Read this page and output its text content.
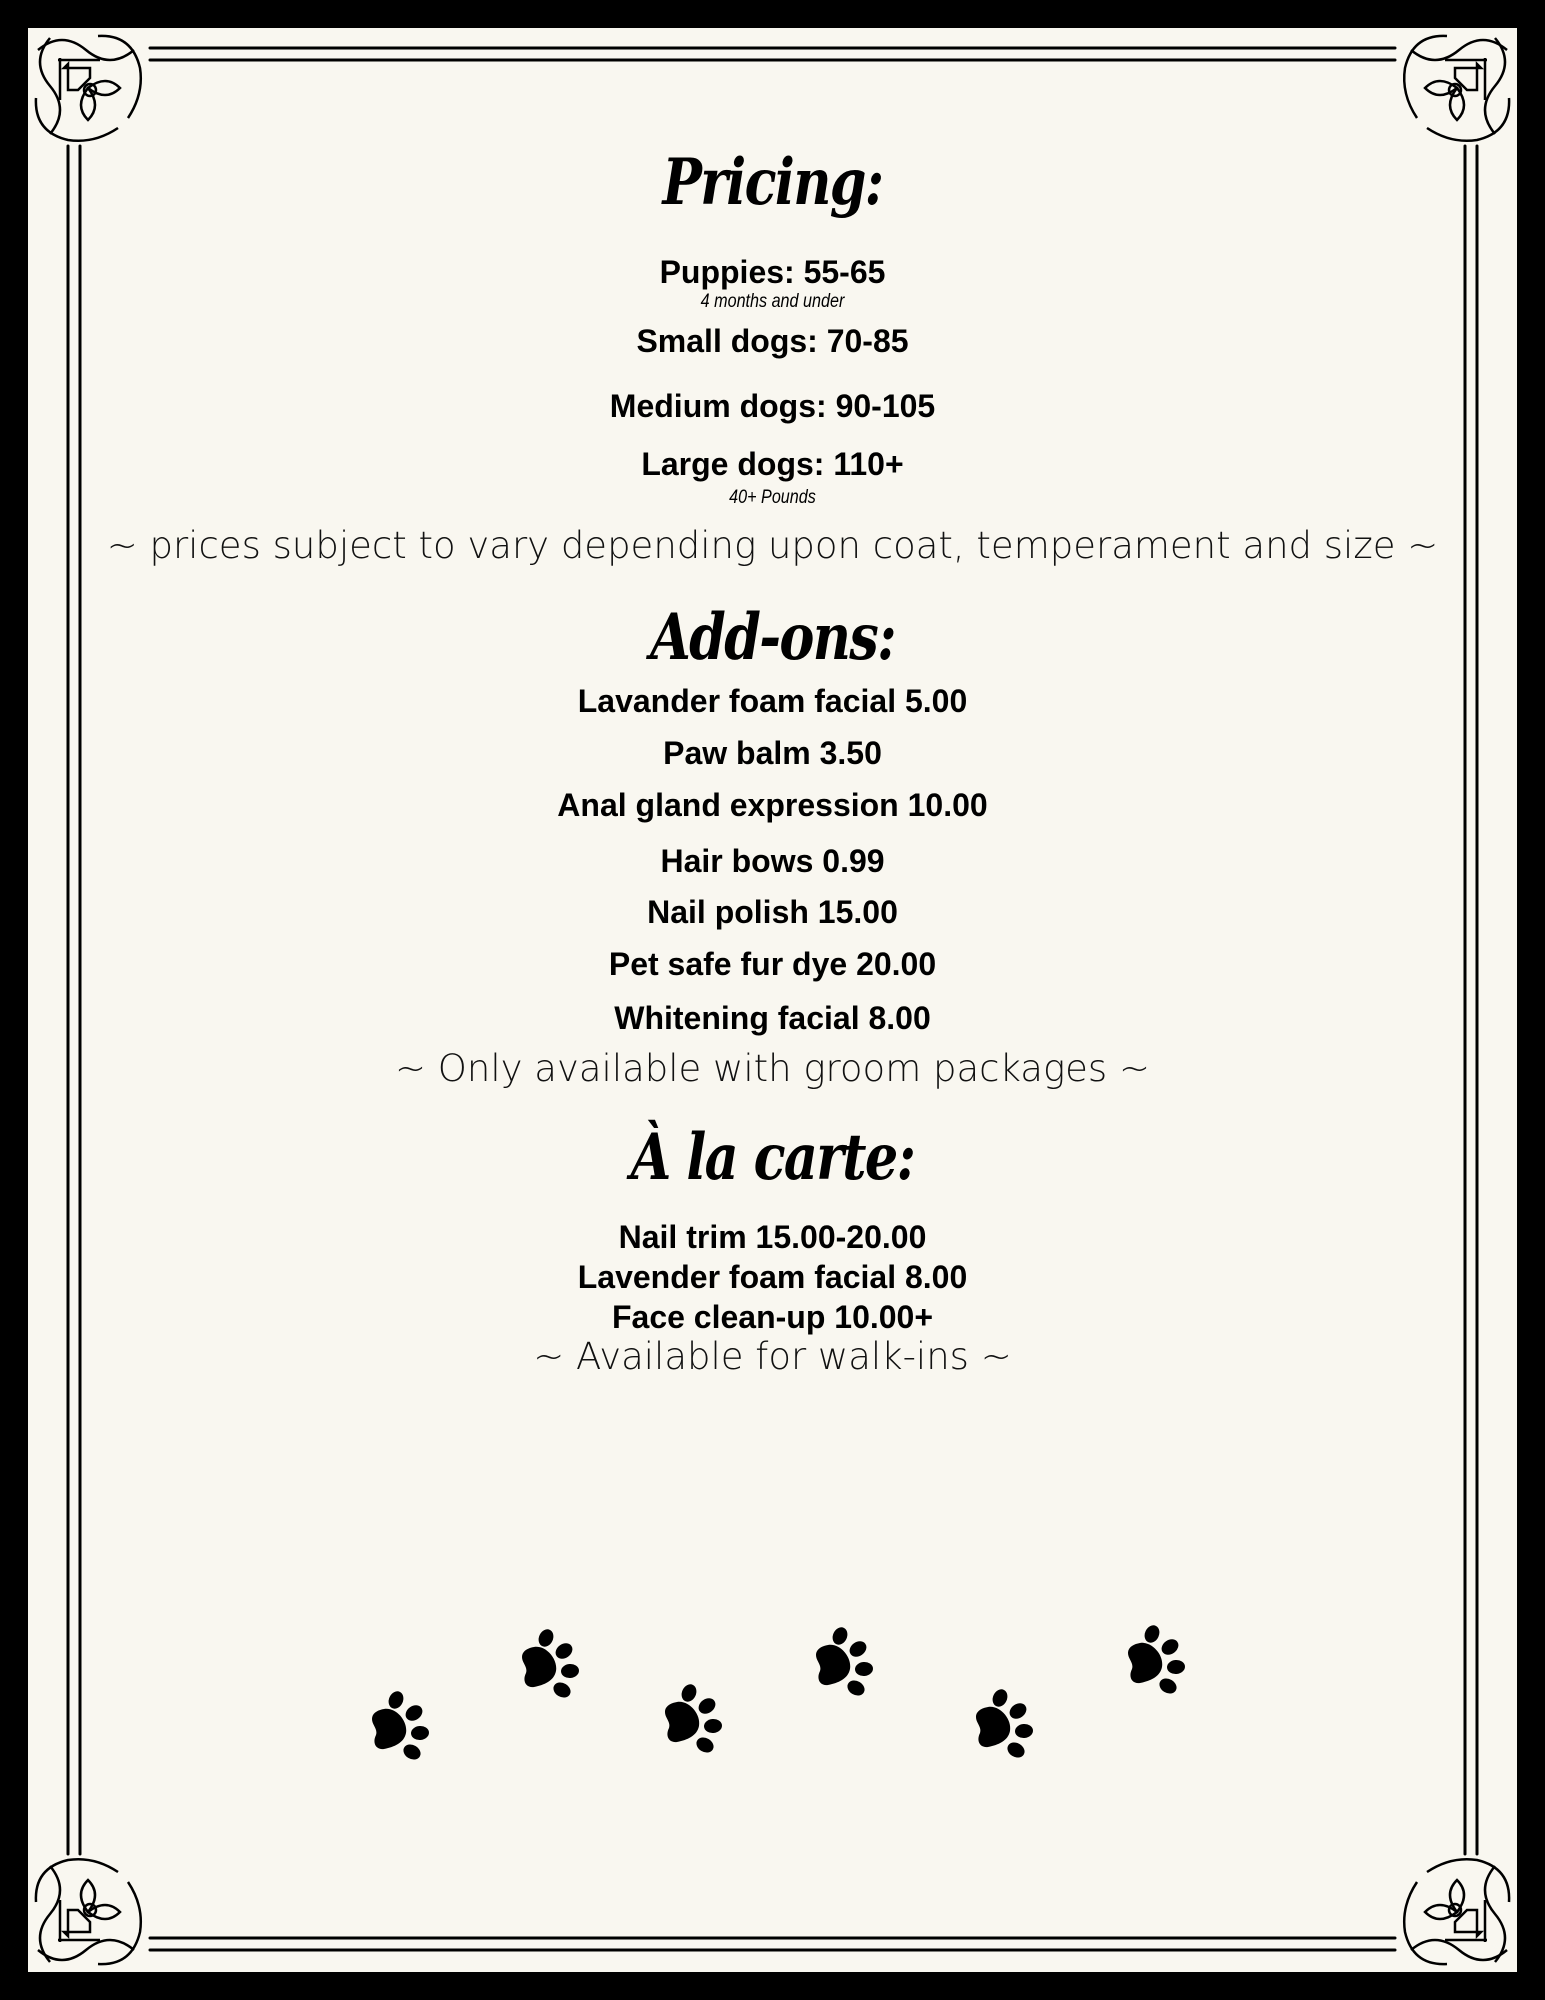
Pricing:
Puppies: 55-65
4 months and under
Small dogs: 70-85
Medium dogs: 90-105
Large dogs: 110+
40+ Pounds
~ prices subject to vary depending upon coat, temperament and size ~
Add-ons:
Lavander foam facial 5.00
Paw balm 3.50
Anal gland expression 10.00
Hair bows 0.99
Nail polish 15.00
Pet safe fur dye 20.00
Whitening facial 8.00
~ Only available with groom packages ~
À la carte:
Nail trim 15.00-20.00
Lavender foam facial 8.00
Face clean-up 10.00+
~ Available for walk-ins ~
